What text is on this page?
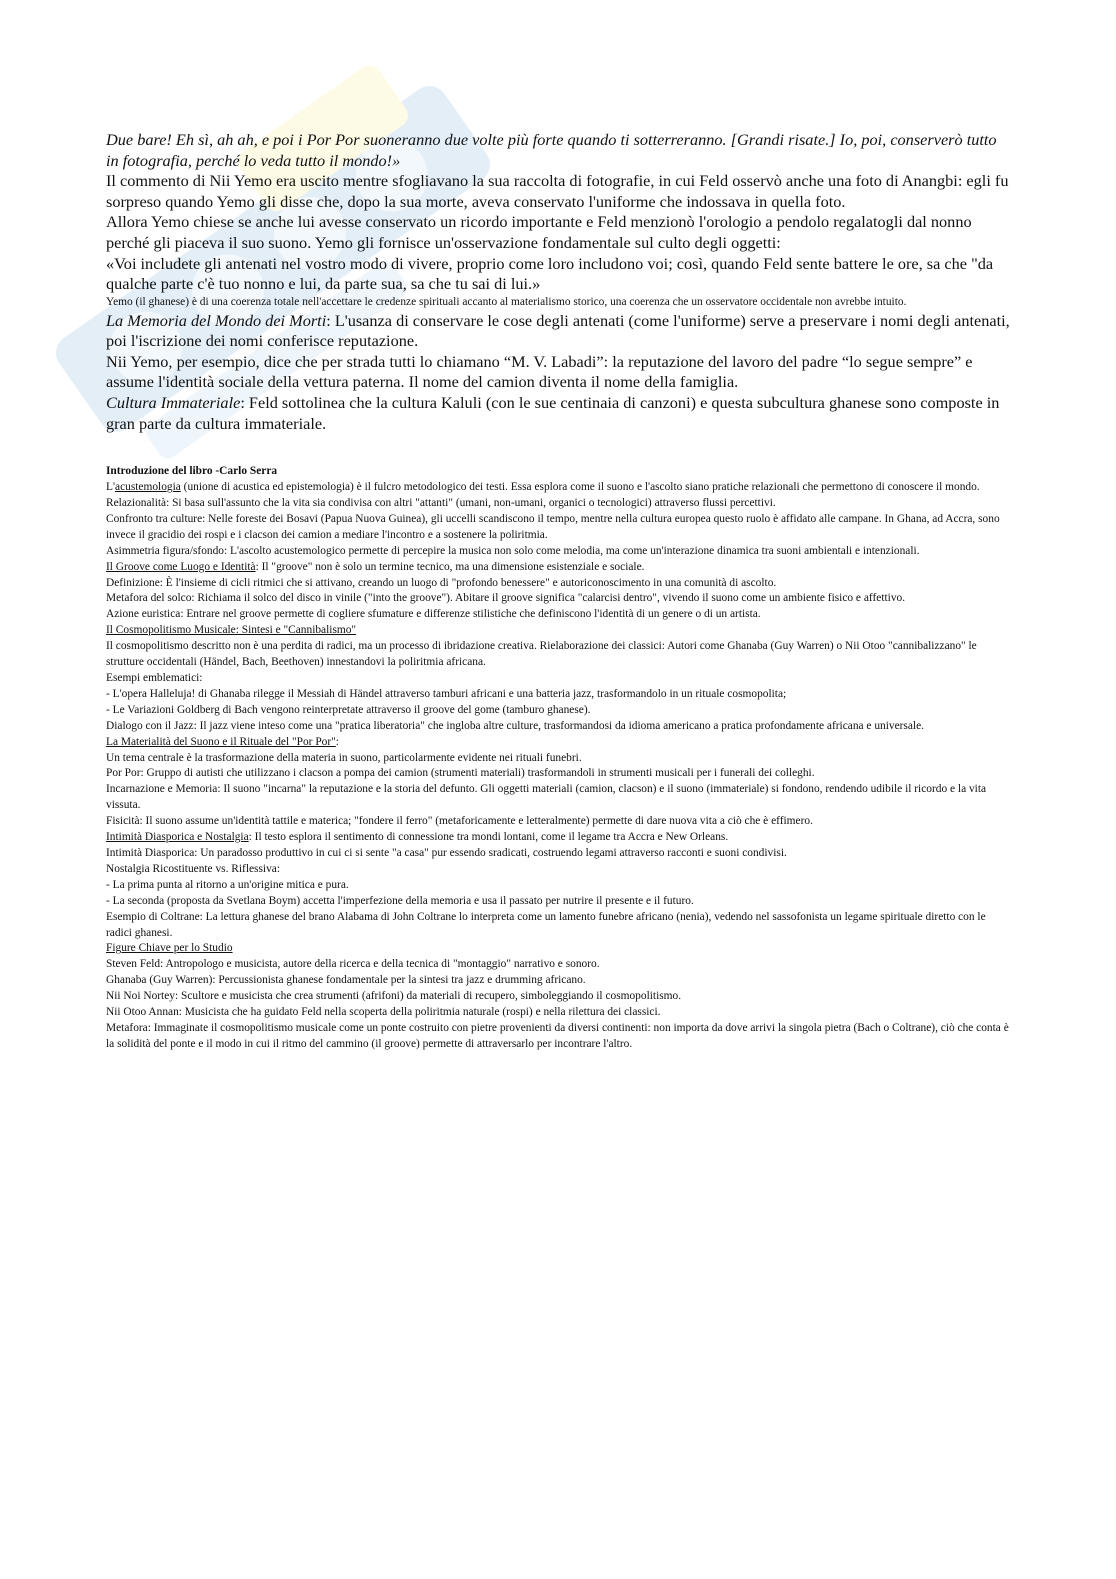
Due bare! Eh sì, ah ah, e poi i Por Por suoneranno due volte più forte quando ti sotterreranno. [Grandi risate.] Io, poi, conserverò tutto in fotografia, perché lo veda tutto il mondo!»

Il commento di Nii Yemo era uscito mentre sfogliavano la sua raccolta di fotografie, in cui Feld osservò anche una foto di Anangbi: egli fu sorpreso quando Yemo gli disse che, dopo la sua morte, aveva conservato l'uniforme che indossava in quella foto.

Allora Yemo chiese se anche lui avesse conservato un ricordo importante e Feld menzionò l'orologio a pendolo regalatogli dal nonno perché gli piaceva il suo suono. Yemo gli fornisce un'osservazione fondamentale sul culto degli oggetti:

«Voi includete gli antenati nel vostro modo di vivere, proprio come loro includono voi; così, quando Feld sente battere le ore, sa che "da qualche parte c'è tuo nonno e lui, da parte sua, sa che tu sai di lui.»

Yemo (il ghanese) è di una coerenza totale nell'accettare le credenze spirituali accanto al materialismo storico, una coerenza che un osservatore occidentale non avrebbe intuito.

La Memoria del Mondo dei Morti: L'usanza di conservare le cose degli antenati (come l'uniforme) serve a preservare i nomi degli antenati, poi l'iscrizione dei nomi conferisce reputazione.

Nii Yemo, per esempio, dice che per strada tutti lo chiamano “M. V. Labadi”: la reputazione del lavoro del padre “lo segue sempre” e assume l'identità sociale della vettura paterna. Il nome del camion diventa il nome della famiglia.

Cultura Immateriale: Feld sottolinea che la cultura Kaluli (con le sue centinaia di canzoni) e questa subcultura ghanese sono composte in gran parte da cultura immateriale.

Introduzione del libro -Carlo Serra

L'acustemologia (unione di acustica ed epistemologia) è il fulcro metodologico dei testi. Essa esplora come il suono e l'ascolto siano pratiche relazionali che permettono di conoscere il mondo.

Relazionalità: Si basa sull'assunto che la vita sia condivisa con altri "attanti" (umani, non-umani, organici o tecnologici) attraverso flussi percettivi.

Confronto tra culture: Nelle foreste dei Bosavi (Papua Nuova Guinea), gli uccelli scandiscono il tempo, mentre nella cultura europea questo ruolo è affidato alle campane. In Ghana, ad Accra, sono invece il gracidio dei rospi e i clacson dei camion a mediare l'incontro e a sostenere la poliritmia.

Asimmetria figura/sfondo: L'ascolto acustemologico permette di percepire la musica non solo come melodia, ma come un'interazione dinamica tra suoni ambientali e intenzionali.

Il Groove come Luogo e Identità: Il "groove" non è solo un termine tecnico, ma una dimensione esistenziale e sociale.

Definizione: È l'insieme di cicli ritmici che si attivano, creando un luogo di "profondo benessere" e autoriconoscimento in una comunità di ascolto.

Metafora del solco: Richiama il solco del disco in vinile ("into the groove"). Abitare il groove significa "calarcisi dentro", vivendo il suono come un ambiente fisico e affettivo.

Azione euristica: Entrare nel groove permette di cogliere sfumature e differenze stilistiche che definiscono l'identità di un genere o di un artista.

Il Cosmopolitismo Musicale: Sintesi e "Cannibalismo"

Il cosmopolitismo descritto non è una perdita di radici, ma un processo di ibridazione creativa. Rielaborazione dei classici: Autori come Ghanaba (Guy Warren) o Nii Otoo "cannibalizzano" le strutture occidentali (Händel, Bach, Beethoven) innestandovi la poliritmia africana.

Esempi emblematici:

- L'opera Halleluja! di Ghanaba rilegge il Messiah di Händel attraverso tamburi africani e una batteria jazz, trasformandolo in un rituale cosmopolita;

- Le Variazioni Goldberg di Bach vengono reinterpretate attraverso il groove del gome (tamburo ghanese).

Dialogo con il Jazz: Il jazz viene inteso come una "pratica liberatoria" che ingloba altre culture, trasformandosi da idioma americano a pratica profondamente africana e universale.

La Materialità del Suono e il Rituale del "Por Por":

Un tema centrale è la trasformazione della materia in suono, particolarmente evidente nei rituali funebri.

Por Por: Gruppo di autisti che utilizzano i clacson a pompa dei camion (strumenti materiali) trasformandoli in strumenti musicali per i funerali dei colleghi.

Incarnazione e Memoria: Il suono "incarna" la reputazione e la storia del defunto. Gli oggetti materiali (camion, clacson) e il suono (immateriale) si fondono, rendendo udibile il ricordo e la vita vissuta.

Fisicità: Il suono assume un'identità tattile e materica; "fondere il ferro" (metaforicamente e letteralmente) permette di dare nuova vita a ciò che è effimero.

Intimità Diasporica e Nostalgia: Il testo esplora il sentimento di connessione tra mondi lontani, come il legame tra Accra e New Orleans.

Intimità Diasporica: Un paradosso produttivo in cui ci si sente "a casa" pur essendo sradicati, costruendo legami attraverso racconti e suoni condivisi.

Nostalgia Ricostituente vs. Riflessiva:

- La prima punta al ritorno a un'origine mitica e pura.

- La seconda (proposta da Svetlana Boym) accetta l'imperfezione della memoria e usa il passato per nutrire il presente e il futuro.

Esempio di Coltrane: La lettura ghanese del brano Alabama di John Coltrane lo interpreta come un lamento funebre africano (nenia), vedendo nel sassofonista un legame spirituale diretto con le radici ghanesi.

Figure Chiave per lo Studio

Steven Feld: Antropologo e musicista, autore della ricerca e della tecnica di "montaggio" narrativo e sonoro.

Ghanaba (Guy Warren): Percussionista ghanese fondamentale per la sintesi tra jazz e drumming africano.

Nii Noi Nortey: Scultore e musicista che crea strumenti (afrifoni) da materiali di recupero, simboleggiando il cosmopolitismo.

Nii Otoo Annan: Musicista che ha guidato Feld nella scoperta della poliritmia naturale (rospi) e nella rilettura dei classici.

Metafora: Immaginate il cosmopolitismo musicale come un ponte costruito con pietre provenienti da diversi continenti: non importa da dove arrivi la singola pietra (Bach o Coltrane), ciò che conta è la solidità del ponte e il modo in cui il ritmo del cammino (il groove) permette di attraversarlo per incontrare l'altro.
